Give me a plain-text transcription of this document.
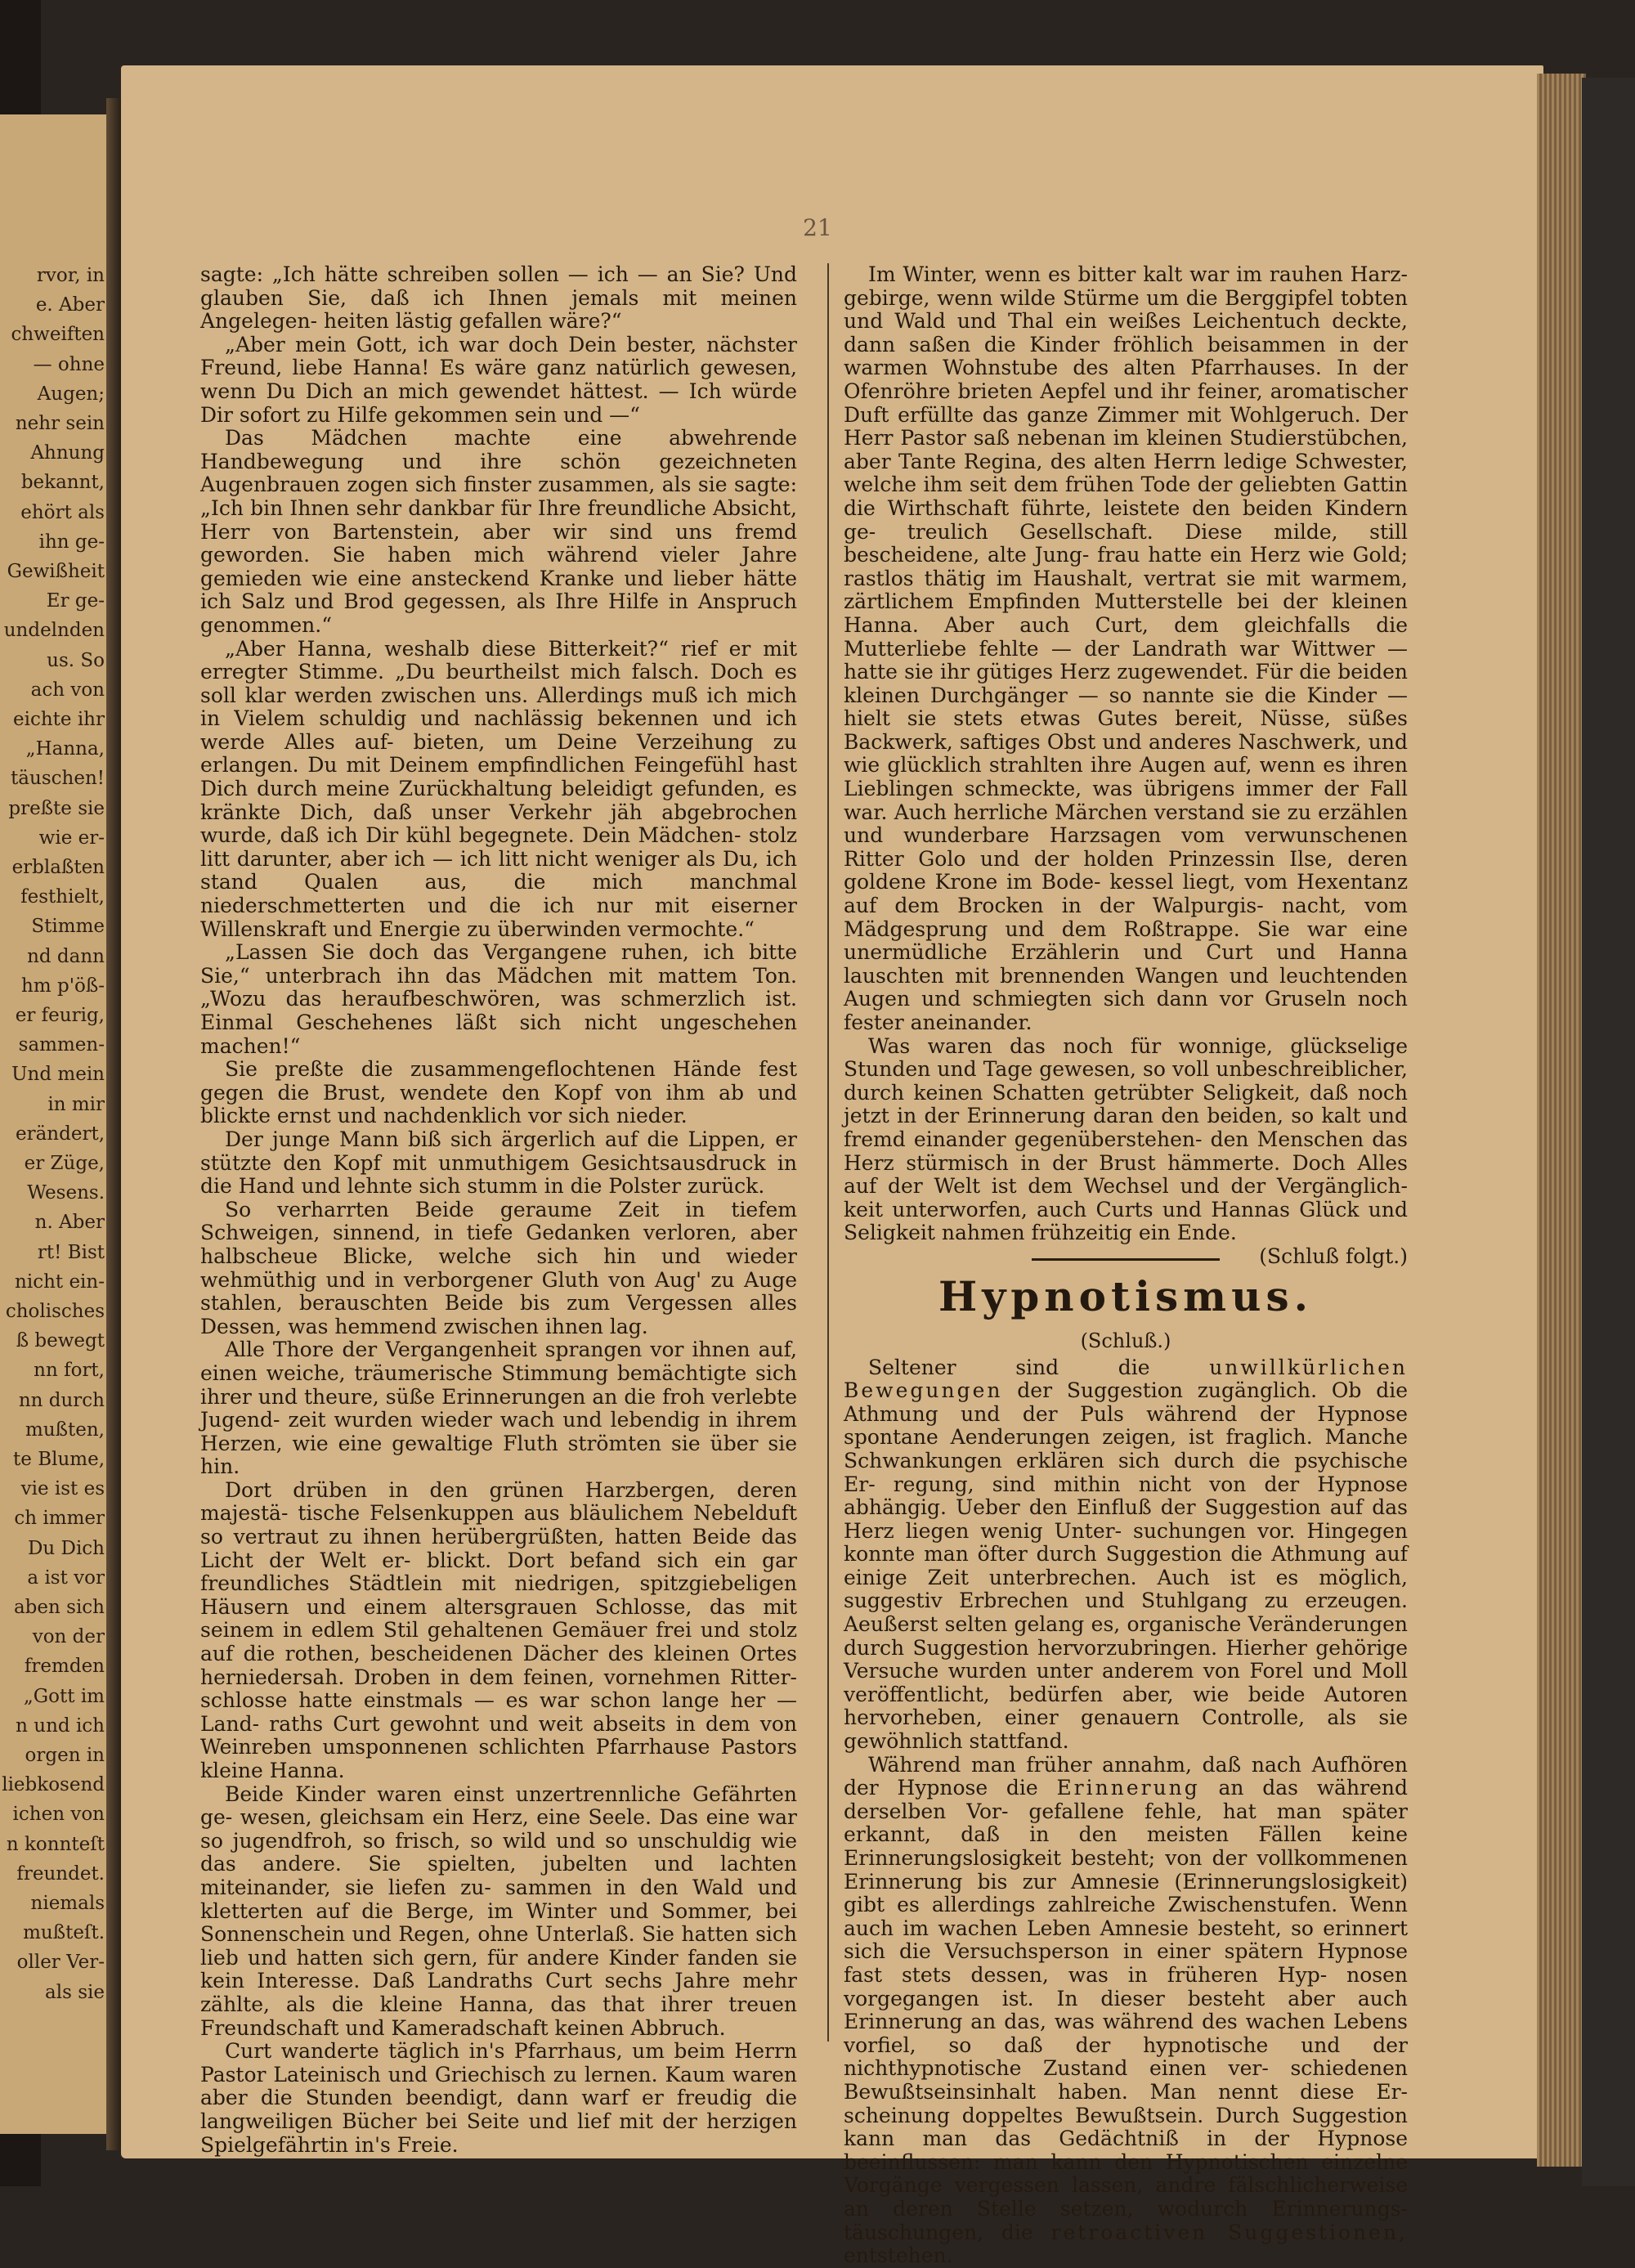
rvor, in
e. Aber
chweiften
— ohne
Augen;
nehr sein
Ahnung
bekannt,
ehört als
ihn ge-
Gewißheit
Er ge-
undelnden
us. So
ach von
eichte ihr
„Hanna,
täuschen!
preßte sie
wie er-
erblaßten
festhielt,
Stimme
nd dann
hm p'öß-
er feurig,
sammen-
Und mein
in mir
erändert,
er Züge,
Wesens.
n. Aber
rt! Bist
nicht ein-
cholisches
ß bewegt
nn fort,
nn durch
mußten,
te Blume,
vie ist es
ch immer
Du Dich
a ist vor
aben sich
von der
fremden
„Gott im
n und ich
orgen in
liebkosend
ichen von
n konnteſt
freundet.
niemals
mußteſt.
oller Ver-
als sie
21

sagte: „Ich hätte schreiben sollen — ich — an Sie? Und glauben Sie, daß ich Ihnen jemals mit meinen Angelegen- heiten lästig gefallen wäre?“

„Aber mein Gott, ich war doch Dein bester, nächster Freund, liebe Hanna! Es wäre ganz natürlich gewesen, wenn Du Dich an mich gewendet hättest. — Ich würde Dir sofort zu Hilfe gekommen sein und —“

Das Mädchen machte eine abwehrende Handbewegung und ihre schön gezeichneten Augenbrauen zogen sich finster zusammen, als sie sagte: „Ich bin Ihnen sehr dankbar für Ihre freundliche Absicht, Herr von Bartenstein, aber wir sind uns fremd geworden. Sie haben mich während vieler Jahre gemieden wie eine ansteckend Kranke und lieber hätte ich Salz und Brod gegessen, als Ihre Hilfe in Anspruch genommen.“

„Aber Hanna, weshalb diese Bitterkeit?“ rief er mit erregter Stimme. „Du beurtheilst mich falsch. Doch es soll klar werden zwischen uns. Allerdings muß ich mich in Vielem schuldig und nachlässig bekennen und ich werde Alles auf- bieten, um Deine Verzeihung zu erlangen. Du mit Deinem empfindlichen Feingefühl hast Dich durch meine Zurückhaltung beleidigt gefunden, es kränkte Dich, daß unser Verkehr jäh abgebrochen wurde, daß ich Dir kühl begegnete. Dein Mädchen- stolz litt darunter, aber ich — ich litt nicht weniger als Du, ich stand Qualen aus, die mich manchmal niederschmetterten und die ich nur mit eiserner Willenskraft und Energie zu überwinden vermochte.“

„Lassen Sie doch das Vergangene ruhen, ich bitte Sie,“ unterbrach ihn das Mädchen mit mattem Ton. „Wozu das heraufbeschwören, was schmerzlich ist. Einmal Geschehenes läßt sich nicht ungeschehen machen!“

Sie preßte die zusammengeflochtenen Hände fest gegen die Brust, wendete den Kopf von ihm ab und blickte ernst und nachdenklich vor sich nieder.

Der junge Mann biß sich ärgerlich auf die Lippen, er stützte den Kopf mit unmuthigem Gesichtsausdruck in die Hand und lehnte sich stumm in die Polster zurück.

So verharrten Beide geraume Zeit in tiefem Schweigen, sinnend, in tiefe Gedanken verloren, aber halbscheue Blicke, welche sich hin und wieder wehmüthig und in verborgener Gluth von Aug' zu Auge stahlen, berauschten Beide bis zum Vergessen alles Dessen, was hemmend zwischen ihnen lag.

Alle Thore der Vergangenheit sprangen vor ihnen auf, einen weiche, träumerische Stimmung bemächtigte sich ihrer und theure, süße Erinnerungen an die froh verlebte Jugend- zeit wurden wieder wach und lebendig in ihrem Herzen, wie eine gewaltige Fluth strömten sie über sie hin.

Dort drüben in den grünen Harzbergen, deren majestä- tische Felsenkuppen aus bläulichem Nebelduft so vertraut zu ihnen herübergrüßten, hatten Beide das Licht der Welt er- blickt. Dort befand sich ein gar freundliches Städtlein mit niedrigen, spitzgiebeligen Häusern und einem altersgrauen Schlosse, das mit seinem in edlem Stil gehaltenen Gemäuer frei und stolz auf die rothen, bescheidenen Dächer des kleinen Ortes herniedersah. Droben in dem feinen, vornehmen Ritter- schlosse hatte einstmals — es war schon lange her — Land- raths Curt gewohnt und weit abseits in dem von Weinreben umsponnenen schlichten Pfarrhause Pastors kleine Hanna.

Beide Kinder waren einst unzertrennliche Gefährten ge- wesen, gleichsam ein Herz, eine Seele. Das eine war so jugendfroh, so frisch, so wild und so unschuldig wie das andere. Sie spielten, jubelten und lachten miteinander, sie liefen zu- sammen in den Wald und kletterten auf die Berge, im Winter und Sommer, bei Sonnenschein und Regen, ohne Unterlaß. Sie hatten sich lieb und hatten sich gern, für andere Kinder fanden sie kein Interesse. Daß Landraths Curt sechs Jahre mehr zählte, als die kleine Hanna, das that ihrer treuen Freundschaft und Kameradschaft keinen Abbruch.

Curt wanderte täglich in's Pfarrhaus, um beim Herrn Pastor Lateinisch und Griechisch zu lernen. Kaum waren aber die Stunden beendigt, dann warf er freudig die langweiligen Bücher bei Seite und lief mit der herzigen Spielgefährtin in's Freie.

Im Winter, wenn es bitter kalt war im rauhen Harz- gebirge, wenn wilde Stürme um die Berggipfel tobten und Wald und Thal ein weißes Leichentuch deckte, dann saßen die Kinder fröhlich beisammen in der warmen Wohnstube des alten Pfarrhauses. In der Ofenröhre brieten Aepfel und ihr feiner, aromatischer Duft erfüllte das ganze Zimmer mit Wohlgeruch. Der Herr Pastor saß nebenan im kleinen Studierstübchen, aber Tante Regina, des alten Herrn ledige Schwester, welche ihm seit dem frühen Tode der geliebten Gattin die Wirthschaft führte, leistete den beiden Kindern ge- treulich Gesellschaft. Diese milde, still bescheidene, alte Jung- frau hatte ein Herz wie Gold; rastlos thätig im Haushalt, vertrat sie mit warmem, zärtlichem Empfinden Mutterstelle bei der kleinen Hanna. Aber auch Curt, dem gleichfalls die Mutterliebe fehlte — der Landrath war Wittwer — hatte sie ihr gütiges Herz zugewendet. Für die beiden kleinen Durchgänger — so nannte sie die Kinder — hielt sie stets etwas Gutes bereit, Nüsse, süßes Backwerk, saftiges Obst und anderes Naschwerk, und wie glücklich strahlten ihre Augen auf, wenn es ihren Lieblingen schmeckte, was übrigens immer der Fall war. Auch herrliche Märchen verstand sie zu erzählen und wunderbare Harzsagen vom verwunschenen Ritter Golo und der holden Prinzessin Ilse, deren goldene Krone im Bode- kessel liegt, vom Hexentanz auf dem Brocken in der Walpurgis- nacht, vom Mädgesprung und dem Roßtrappe. Sie war eine unermüdliche Erzählerin und Curt und Hanna lauschten mit brennenden Wangen und leuchtenden Augen und schmiegten sich dann vor Gruseln noch fester aneinander.

Was waren das noch für wonnige, glückselige Stunden und Tage gewesen, so voll unbeschreiblicher, durch keinen Schatten getrübter Seligkeit, daß noch jetzt in der Erinnerung daran den beiden, so kalt und fremd einander gegenüberstehen- den Menschen das Herz stürmisch in der Brust hämmerte. Doch Alles auf der Welt ist dem Wechsel und der Vergänglich- keit unterworfen, auch Curts und Hannas Glück und Seligkeit nahmen frühzeitig ein Ende.
(Schluß folgt.)

Hypnotismus.
(Schluß.)

Seltener sind die	unwillkürlichen Bewegungen der Suggestion zugänglich. Ob die Athmung und der Puls während der Hypnose spontane Aenderungen zeigen, ist fraglich. Manche Schwankungen erklären sich durch die psychische Er- regung, sind mithin nicht von der Hypnose abhängig. Ueber den Einfluß der Suggestion auf das Herz liegen wenig Unter- suchungen vor. Hingegen konnte man öfter durch Suggestion die Athmung auf einige Zeit unterbrechen. Auch ist es möglich, suggestiv Erbrechen und Stuhlgang zu erzeugen. Aeußerst selten gelang es, organische Veränderungen durch Suggestion hervorzubringen. Hierher gehörige Versuche wurden unter anderem von Forel und Moll veröffentlicht, bedürfen aber, wie beide Autoren hervorheben, einer genauern Controlle, als sie gewöhnlich stattfand.

Während man früher annahm, daß nach Aufhören der Hypnose die Erinnerung an das während derselben Vor- gefallene fehle, hat man später erkannt, daß in den meisten Fällen keine Erinnerungslosigkeit besteht; von der vollkommenen Erinnerung bis zur Amnesie (Erinnerungslosigkeit) gibt es allerdings zahlreiche Zwischenstufen. Wenn auch im wachen Leben Amnesie besteht, so erinnert sich die Versuchsperson in einer spätern Hypnose fast stets dessen, was in früheren Hyp- nosen vorgegangen ist. In dieser besteht aber auch Erinnerung an das, was während des wachen Lebens vorfiel, so daß der hypnotische und der nichthypnotische Zustand einen ver- schiedenen Bewußtseinsinhalt haben. Man nennt diese Er- scheinung doppeltes Bewußtsein. Durch Suggestion kann man das Gedächtniß in der Hypnose beeinflussen: man kann den Hypnotischen einzelne Vorgänge vergessen lassen, andre fälschlicherweise an deren Stelle setzen, wodurch Erinnerungs- täuschungen, die retroactiven Suggestionen, entstehen.
